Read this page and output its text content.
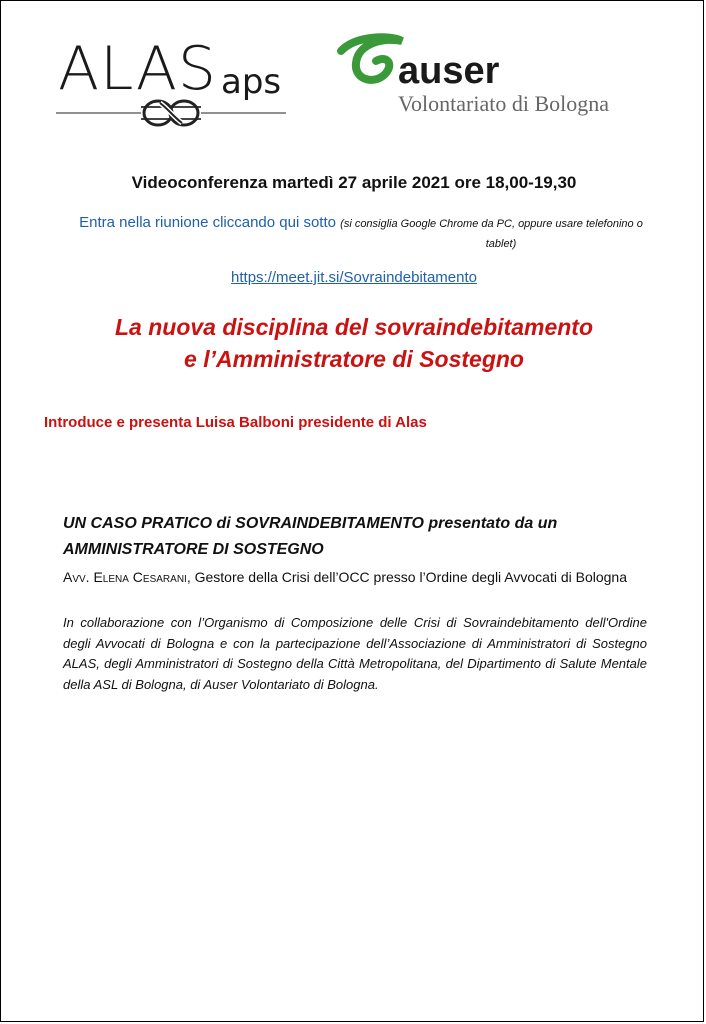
ALAS aps	auser
Volontariato di Bologna
Videoconferenza martedì 27 aprile 2021 ore 18,00-19,30
Entra nella riunione cliccando qui sotto (si consiglia Google Chrome da PC, oppure usare telefonino o
tablet)
https://meet.jit.si/Sovraindebitamento
La nuova disciplina del sovraindebitamento
e l’Amministratore di Sostegno
Introduce e presenta Luisa Balboni presidente di Alas
UN CASO PRATICO di SOVRAINDEBITAMENTO presentato da un
AMMINISTRATORE DI SOSTEGNO
Avv. Elena Cesarani, Gestore della Crisi dell’OCC presso l’Ordine degli Avvocati di Bologna
In collaborazione con l’Organismo di Composizione delle Crisi di Sovraindebitamento dell'Ordine degli Avvocati di Bologna e con la partecipazione dell’Associazione di Amministratori di Sostegno ALAS, degli Amministratori di Sostegno della Città Metropolitana, del Dipartimento di Salute Mentale della ASL di Bologna, di Auser Volontariato di Bologna.
